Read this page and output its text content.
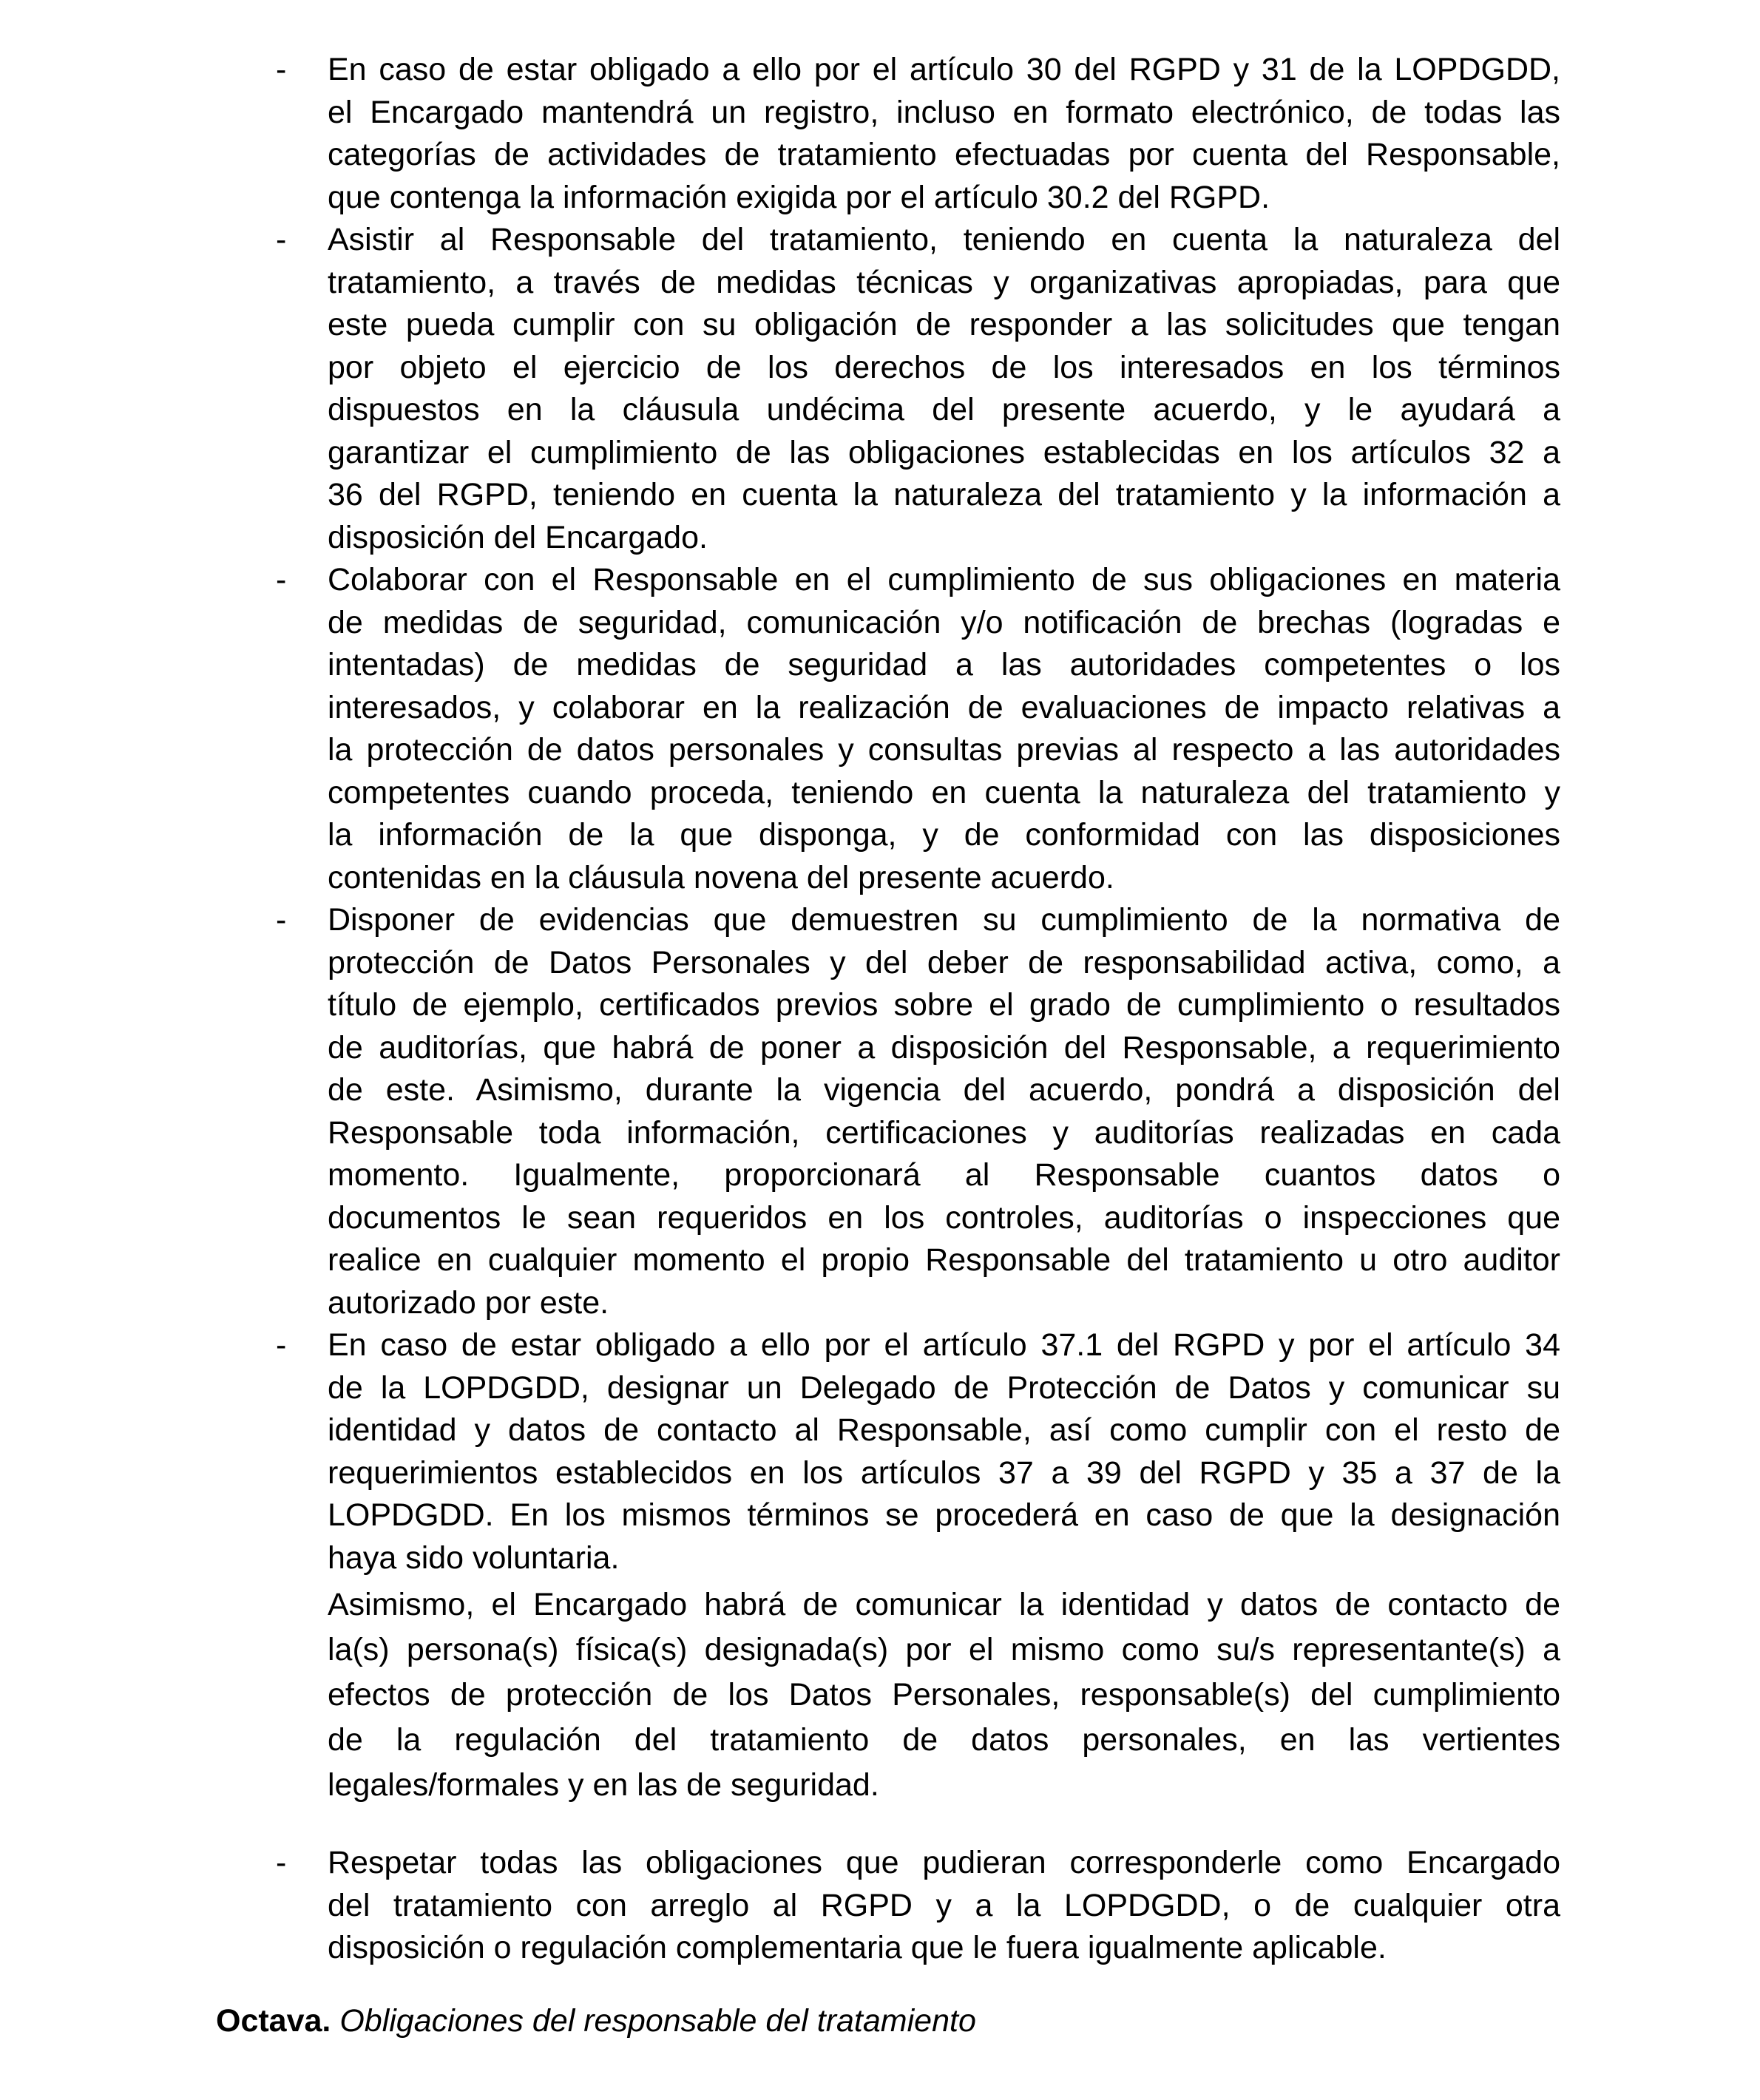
- En caso de estar obligado a ello por el artículo 30 del RGPD y 31 de la LOPDGDD,
el Encargado mantendrá un registro, incluso en formato electrónico, de todas las
categorías de actividades de tratamiento efectuadas por cuenta del Responsable,
que contenga la información exigida por el artículo 30.2 del RGPD.
- Asistir al Responsable del tratamiento, teniendo en cuenta la naturaleza del
tratamiento, a través de medidas técnicas y organizativas apropiadas, para que
este pueda cumplir con su obligación de responder a las solicitudes que tengan
por objeto el ejercicio de los derechos de los interesados en los términos
dispuestos en la cláusula undécima del presente acuerdo, y le ayudará a
garantizar el cumplimiento de las obligaciones establecidas en los artículos 32 a
36 del RGPD, teniendo en cuenta la naturaleza del tratamiento y la información a
disposición del Encargado.
- Colaborar con el Responsable en el cumplimiento de sus obligaciones en materia
de medidas de seguridad, comunicación y/o notificación de brechas (logradas e
intentadas) de medidas de seguridad a las autoridades competentes o los
interesados, y colaborar en la realización de evaluaciones de impacto relativas a
la protección de datos personales y consultas previas al respecto a las autoridades
competentes cuando proceda, teniendo en cuenta la naturaleza del tratamiento y
la información de la que disponga, y de conformidad con las disposiciones
contenidas en la cláusula novena del presente acuerdo.
- Disponer de evidencias que demuestren su cumplimiento de la normativa de
protección de Datos Personales y del deber de responsabilidad activa, como, a
título de ejemplo, certificados previos sobre el grado de cumplimiento o resultados
de auditorías, que habrá de poner a disposición del Responsable, a requerimiento
de este. Asimismo, durante la vigencia del acuerdo, pondrá a disposición del
Responsable toda información, certificaciones y auditorías realizadas en cada
momento. Igualmente, proporcionará al Responsable cuantos datos o
documentos le sean requeridos en los controles, auditorías o inspecciones que
realice en cualquier momento el propio Responsable del tratamiento u otro auditor
autorizado por este.
- En caso de estar obligado a ello por el artículo 37.1 del RGPD y por el artículo 34
de la LOPDGDD, designar un Delegado de Protección de Datos y comunicar su
identidad y datos de contacto al Responsable, así como cumplir con el resto de
requerimientos establecidos en los artículos 37 a 39 del RGPD y 35 a 37 de la
LOPDGDD. En los mismos términos se procederá en caso de que la designación
haya sido voluntaria.
Asimismo, el Encargado habrá de comunicar la identidad y datos de contacto de
la(s) persona(s) física(s) designada(s) por el mismo como su/s representante(s) a
efectos de protección de los Datos Personales, responsable(s) del cumplimiento
de la regulación del tratamiento de datos personales, en las vertientes
legales/formales y en las de seguridad.
- Respetar todas las obligaciones que pudieran corresponderle como Encargado
del tratamiento con arreglo al RGPD y a la LOPDGDD, o de cualquier otra
disposición o regulación complementaria que le fuera igualmente aplicable.
Octava. Obligaciones del responsable del tratamiento
